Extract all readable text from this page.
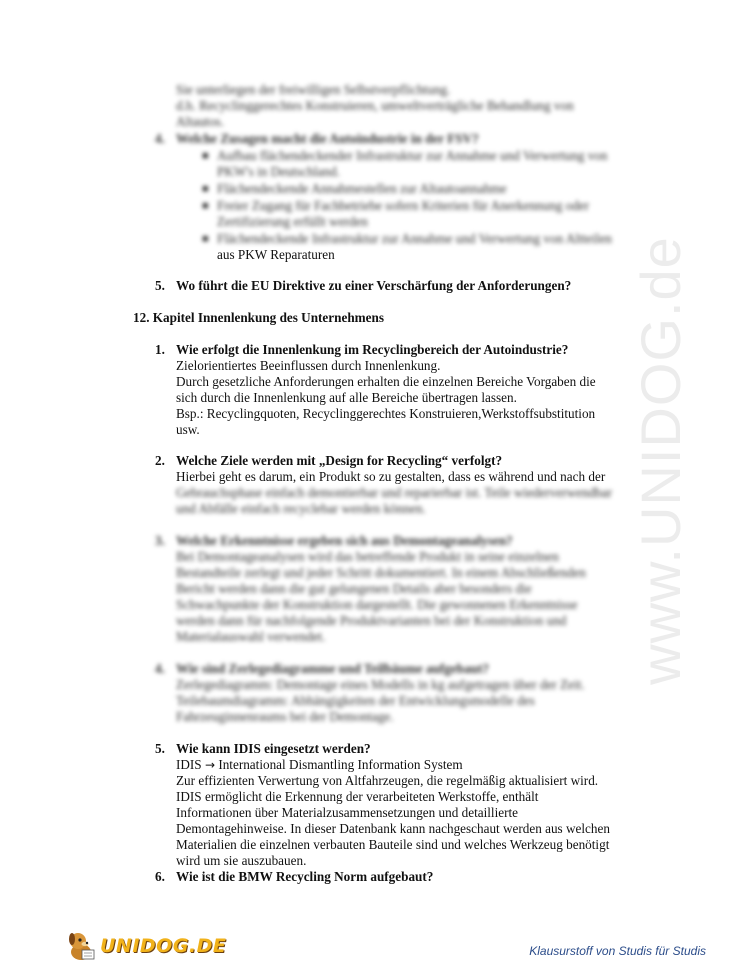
www.UNIDOG.de
Sie unterliegen der freiwilligen Selbstverpflichtung.
d.h. Recyclinggerechtes Konstruieren, umweltverträgliche Behandlung von
Altautos.
4. Welche Zusagen macht die Autoindustrie in der FSV?
■ Aufbau flächendeckender Infrastruktur zur Annahme und Verwertung von
PKW's in Deutschland.
■ Flächendeckende Annahmestellen zur Altautoannahme
■ Freier Zugang für Fachbetriebe sofern Kriterien für Anerkennung oder
Zertifizierung erfüllt werden
■ Flächendeckende Infrastruktur zur Annahme und Verwertung von Altteilen
aus PKW Reparaturen
5. Wo führt die EU Direktive zu einer Verschärfung der Anforderungen?
12. Kapitel Innenlenkung des Unternehmens
1. Wie erfolgt die Innenlenkung im Recyclingbereich der Autoindustrie?
Zielorientiertes Beeinflussen durch Innenlenkung.
Durch gesetzliche Anforderungen erhalten die einzelnen Bereiche Vorgaben die
sich durch die Innenlenkung auf alle Bereiche übertragen lassen.
Bsp.: Recyclingquoten, Recyclinggerechtes Konstruieren,Werkstoffsubstitution
usw.
2. Welche Ziele werden mit „Design for Recycling“ verfolgt?
Hierbei geht es darum, ein Produkt so zu gestalten, dass es während und nach der
Gebrauchsphase einfach demontierbar und reparierbar ist. Teile wiederverwendbar
und Abfälle einfach recyclebar werden können.
3. Welche Erkenntnisse ergeben sich aus Demontageanalysen?
Bei Demontageanalysen wird das betreffende Produkt in seine einzelnen
Bestandteile zerlegt und jeder Schritt dokumentiert. In einem Abschließenden
Bericht werden dann die gut gelungenen Details aber besonders die
Schwachpunkte der Konstruktion dargestellt. Die gewonnenen Erkenntnisse
werden dann für nachfolgende Produktvarianten bei der Konstruktion und
Materialauswahl verwendet.
4. Wie sind Zerlegediagramme und Teilbäume aufgebaut?
Zerlegediagramm: Demontage eines Modells in kg aufgetragen über der Zeit.
Teilebaumdiagramm: Abhängigkeiten der Entwicklungsmodelle des
Fahrzeuginnenraums bei der Demontage.
5. Wie kann IDIS eingesetzt werden?
IDIS → International Dismantling Information System
Zur effizienten Verwertung von Altfahrzeugen, die regelmäßig aktualisiert wird.
IDIS ermöglicht die Erkennung der verarbeiteten Werkstoffe, enthält
Informationen über Materialzusammensetzungen und detaillierte
Demontagehinweise. In dieser Datenbank kann nachgeschaut werden aus welchen
Materialien die einzelnen verbauten Bauteile sind und welches Werkzeug benötigt
wird um sie auszubauen.
6. Wie ist die BMW Recycling Norm aufgebaut?
UNIDOG.DE	Klausurstoff von Studis für Studis
